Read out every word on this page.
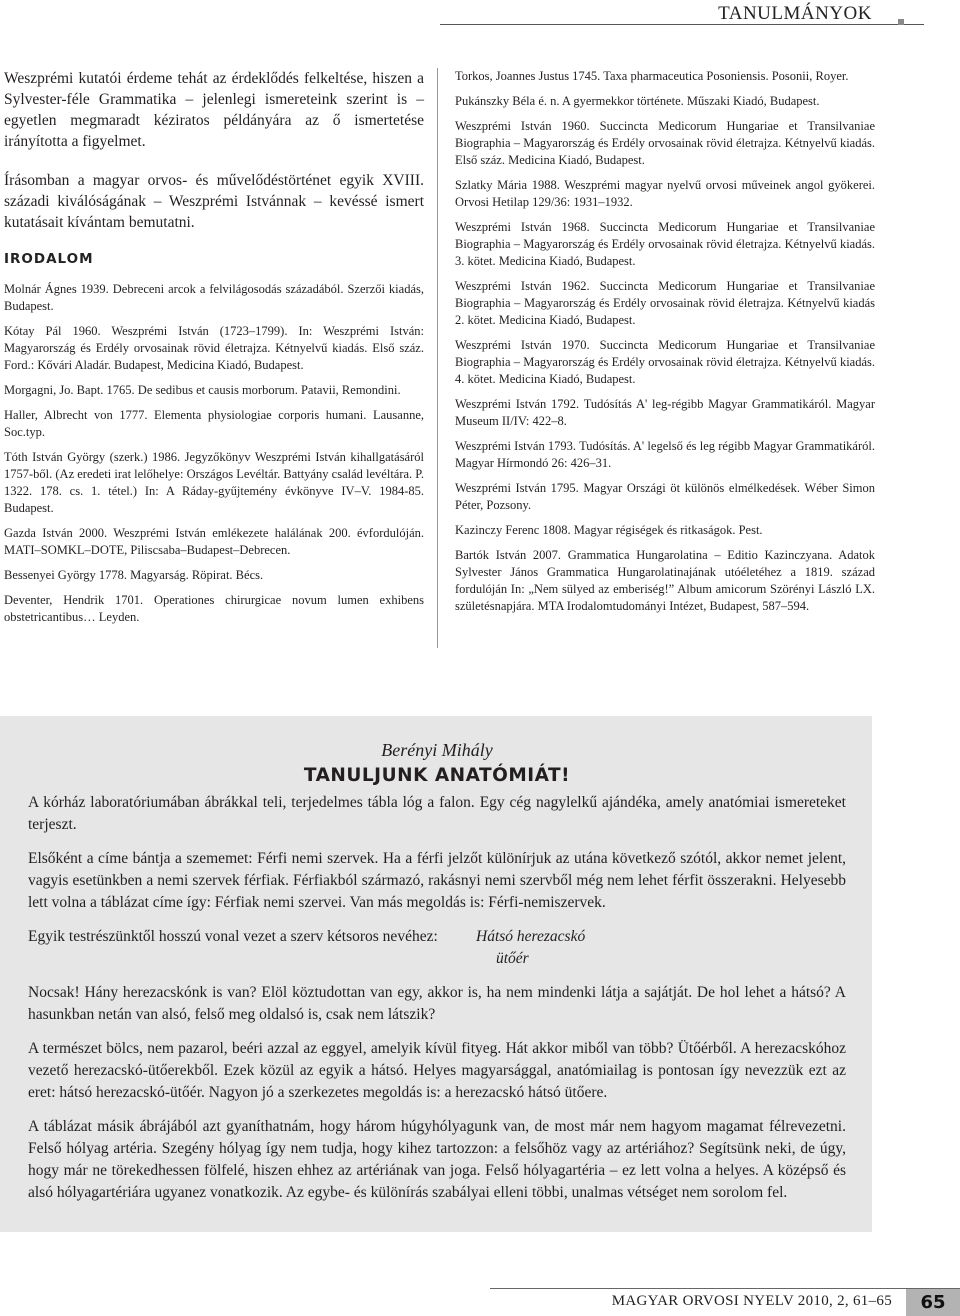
TANULMÁNYOK

Weszprémi kutatói érdeme tehát az érdeklődés felkeltése, hiszen a Sylvester-féle Grammatika – jelenlegi ismereteink szerint is – egyetlen megmaradt kéziratos példányára az ő ismertetése irányította a figyelmet.

Írásomban a magyar orvos- és művelődéstörténet egyik XVIII. századi kiválóságának – Weszprémi Istvánnak – kevéssé ismert kutatásait kívántam bemutatni.

IRODALOM

Molnár Ágnes 1939. Debreceni arcok a felvilágosodás századából. Szerzői kiadás, Budapest.

Kótay Pál 1960. Weszprémi István (1723–1799). In: Weszprémi István: Magyarország és Erdély orvosainak rövid életrajza. Kétnyelvű kiadás. Első száz. Ford.: Kővári Aladár. Budapest, Medicina Kiadó, Budapest.

Morgagni, Jo. Bapt. 1765. De sedibus et causis morborum. Patavii, Remondini.

Haller, Albrecht von 1777. Elementa physiologiae corporis humani. Lausanne, Soc.typ.

Tóth István György (szerk.) 1986. Jegyzőkönyv Weszprémi István kihallgatásáról 1757-ből. (Az eredeti irat lelőhelye: Országos Levéltár. Battyány család levéltára. P. 1322. 178. cs. 1. tétel.) In: A Ráday-gyűjtemény évkönyve IV–V. 1984-85. Budapest.

Gazda István 2000. Weszprémi István emlékezete halálának 200. évfordulóján. MATI–SOMKL–DOTE, Piliscsaba–Budapest–Debrecen.

Bessenyei György 1778. Magyarság. Röpirat. Bécs.

Deventer, Hendrik 1701. Operationes chirurgicae novum lumen exhibens obstetricantibus… Leyden.

Torkos, Joannes Justus 1745. Taxa pharmaceutica Posoniensis. Posonii, Royer.

Pukánszky Béla é. n. A gyermekkor története. Műszaki Kiadó, Budapest.

Weszprémi István 1960. Succincta Medicorum Hungariae et Transilvaniae Biographia – Magyarország és Erdély orvosainak rövid életrajza. Kétnyelvű kiadás. Első száz. Medicina Kiadó, Budapest.

Szlatky Mária 1988. Weszprémi magyar nyelvű orvosi műveinek angol gyökerei. Orvosi Hetilap 129/36: 1931–1932.

Weszprémi István 1968. Succincta Medicorum Hungariae et Transilvaniae Biographia – Magyarország és Erdély orvosainak rövid életrajza. Kétnyelvű kiadás. 3. kötet. Medicina Kiadó, Budapest.

Weszprémi István 1962. Succincta Medicorum Hungariae et Transilvaniae Biographia – Magyarország és Erdély orvosainak rövid életrajza. Kétnyelvű kiadás 2. kötet. Medicina Kiadó, Budapest.

Weszprémi István 1970. Succincta Medicorum Hungariae et Transilvaniae Biographia – Magyarország és Erdély orvosainak rövid életrajza. Kétnyelvű kiadás. 4. kötet. Medicina Kiadó, Budapest.

Weszprémi István 1792. Tudósítás A' leg-régibb Magyar Grammatikáról. Magyar Museum II/IV: 422–8.

Weszprémi István 1793. Tudósítás. A' legelső és leg régibb Magyar Grammatikáról. Magyar Hírmondó 26: 426–31.

Weszprémi István 1795. Magyar Országi öt különös elmélkedések. Wéber Simon Péter, Pozsony.

Kazinczy Ferenc 1808. Magyar régiségek és ritkaságok. Pest.

Bartók István 2007. Grammatica Hungarolatina – Editio Kazinczyana. Adatok Sylvester János Grammatica Hungarolatinajának utóéletéhez a 1819. század fordulóján In: „Nem sülyed az emberiség!” Album amicorum Szörényi László LX. születésnapjára. MTA Irodalomtudományi Intézet, Budapest, 587–594.

Berényi Mihály
TANULJUNK ANATÓMIÁT!

A kórház laboratóriumában ábrákkal teli, terjedelmes tábla lóg a falon. Egy cég nagylelkű ajándéka, amely anatómiai ismereteket terjeszt.

Elsőként a címe bántja a szememet: Férfi nemi szervek. Ha a férfi jelzőt különírjuk az utána következő szótól, akkor nemet jelent, vagyis esetünkben a nemi szervek férfiak. Férfiakból származó, rakásnyi nemi szervből még nem lehet férfit összerakni. Helyesebb lett volna a táblázat címe így: Férfiak nemi szervei. Van más megoldás is: Férfi-nemiszervek.

Egyik testrészünktől hosszú vonal vezet a szerv kétsoros nevéhez:	Hátsó herezacskó
ütőér

Nocsak! Hány herezacskónk is van? Elöl köztudottan van egy, akkor is, ha nem mindenki látja a sajátját. De hol lehet a hátsó? A hasunkban netán van alsó, felső meg oldalsó is, csak nem látszik?

A természet bölcs, nem pazarol, beéri azzal az eggyel, amelyik kívül fityeg. Hát akkor miből van több? Ütőérből. A herezacskóhoz vezető herezacskó-ütőerekből. Ezek közül az egyik a hátsó. Helyes magyarsággal, anatómiailag is pontosan így nevezzük ezt az eret: hátsó herezacskó-ütőér. Nagyon jó a szerkezetes megoldás is: a herezacskó hátsó ütőere.

A táblázat másik ábrájából azt gyaníthatnám, hogy három húgyhólyagunk van, de most már nem hagyom magamat félrevezetni. Felső hólyag artéria. Szegény hólyag így nem tudja, hogy kihez tartozzon: a felsőhöz vagy az artériához? Segítsünk neki, de úgy, hogy már ne törekedhessen fölfelé, hiszen ehhez az artériának van joga. Felső hólyagartéria – ez lett volna a helyes. A középső és alsó hólyagartériára ugyanez vonatkozik. Az egybe- és különírás szabályai elleni többi, unalmas vétséget nem sorolom fel.

MAGYAR ORVOSI NYELV 2010, 2, 61–65	65
